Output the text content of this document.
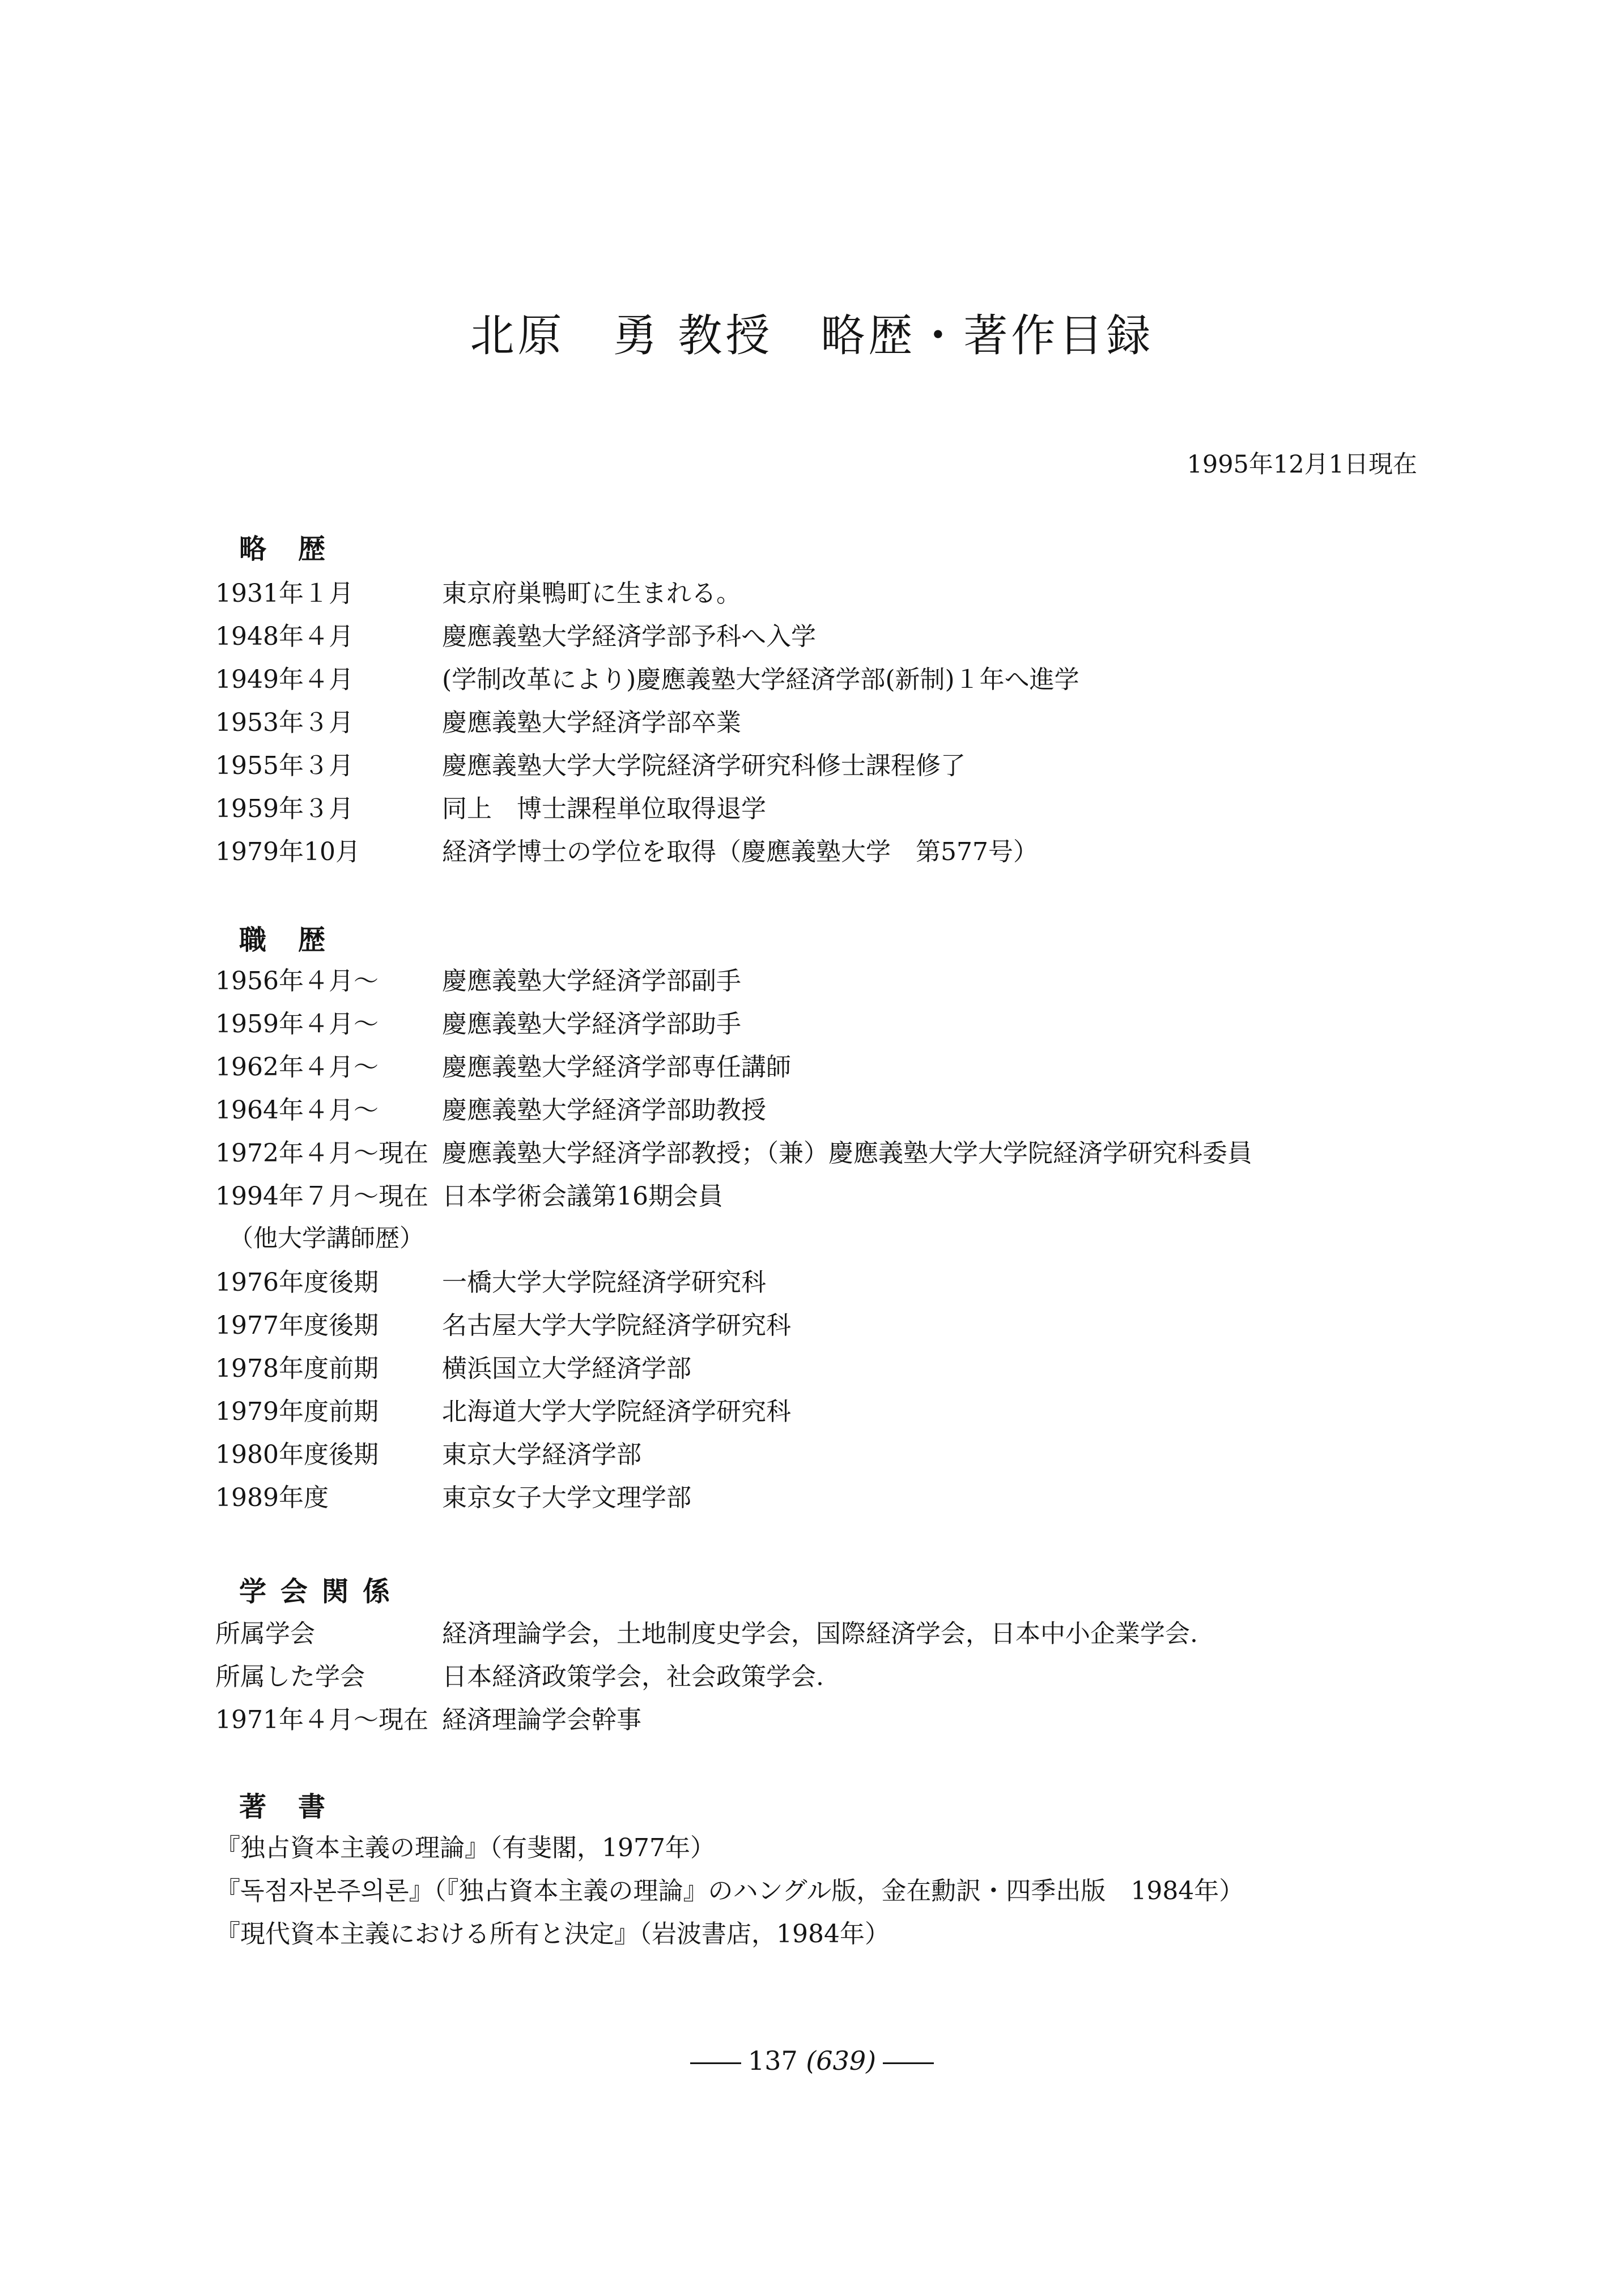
北原　勇 教授　略歴・著作目録
1995年12月1日現在
略　歴
1931年１月	東京府巣鴨町に生まれる。
1948年４月	慶應義塾大学経済学部予科へ入学
1949年４月	(学制改革により)慶應義塾大学経済学部(新制)１年へ進学
1953年３月	慶應義塾大学経済学部卒業
1955年３月	慶應義塾大学大学院経済学研究科修士課程修了
1959年３月	同上　博士課程単位取得退学
1979年10月	経済学博士の学位を取得（慶應義塾大学　第577号）
職　歴
1956年４月～	慶應義塾大学経済学部副手
1959年４月～	慶應義塾大学経済学部助手
1962年４月～	慶應義塾大学経済学部専任講師
1964年４月～	慶應義塾大学経済学部助教授
1972年４月～現在 慶應義塾大学経済学部教授；（兼）慶應義塾大学大学院経済学研究科委員
1994年７月～現在 日本学術会議第16期会員
（他大学講師歴）
1976年度後期	一橋大学大学院経済学研究科
1977年度後期	名古屋大学大学院経済学研究科
1978年度前期	横浜国立大学経済学部
1979年度前期	北海道大学大学院経済学研究科
1980年度後期	東京大学経済学部
1989年度	東京女子大学文理学部
学 会 関 係
所属学会	経済理論学会，土地制度史学会，国際経済学会，日本中小企業学会.
所属した学会	日本経済政策学会，社会政策学会.
1971年４月～現在 経済理論学会幹事
著　書
『独占資本主義の理論』（有斐閣，1977年）
『독점자본주의론』（『独占資本主義の理論』のハングル版，金在勳訳・四季出版　1984年）
『現代資本主義における所有と決定』（岩波書店，1984年）
137 (639)
